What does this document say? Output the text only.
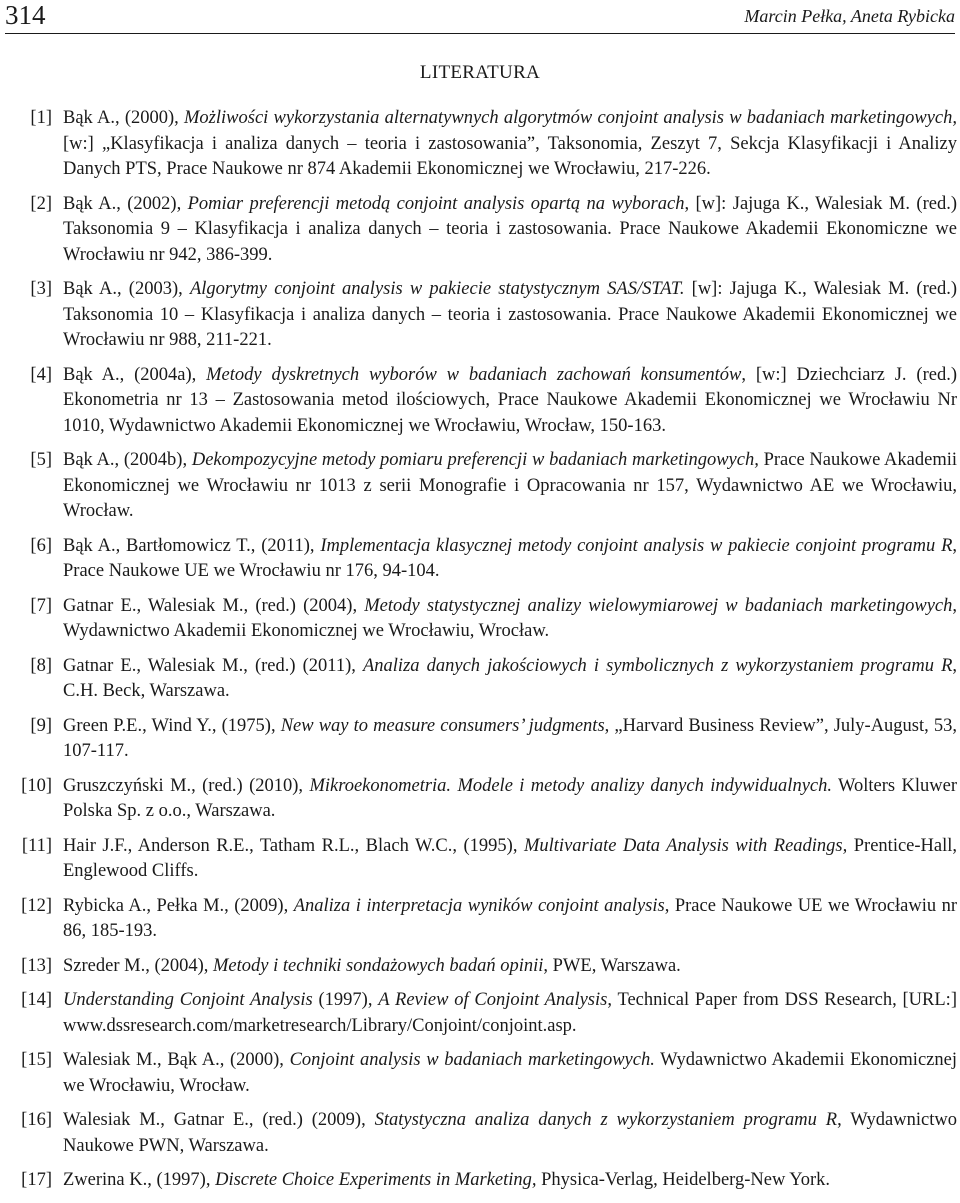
314	Marcin Pełka, Aneta Rybicka
LITERATURA
[1] Bąk A., (2000), Możliwości wykorzystania alternatywnych algorytmów conjoint analysis w badaniach marketingowych, [w:] „Klasyfikacja i analiza danych – teoria i zastosowania”, Taksonomia, Zeszyt 7, Sekcja Klasyfikacji i Analizy Danych PTS, Prace Naukowe nr 874 Akademii Ekonomicznej we Wrocławiu, 217-226.
[2] Bąk A., (2002), Pomiar preferencji metodą conjoint analysis opartą na wyborach, [w]: Jajuga K., Walesiak M. (red.) Taksonomia 9 – Klasyfikacja i analiza danych – teoria i zastosowania. Prace Naukowe Akademii Ekonomiczne we Wrocławiu nr 942, 386-399.
[3] Bąk A., (2003), Algorytmy conjoint analysis w pakiecie statystycznym SAS/STAT. [w]: Jajuga K., Walesiak M. (red.) Taksonomia 10 – Klasyfikacja i analiza danych – teoria i zastosowania. Prace Naukowe Akademii Ekonomicznej we Wrocławiu nr 988, 211-221.
[4] Bąk A., (2004a), Metody dyskretnych wyborów w badaniach zachowań konsumentów, [w:] Dziechciarz J. (red.) Ekonometria nr 13 – Zastosowania metod ilościowych, Prace Naukowe Akademii Ekonomicznej we Wrocławiu Nr 1010, Wydawnictwo Akademii Ekonomicznej we Wrocławiu, Wrocław, 150-163.
[5] Bąk A., (2004b), Dekompozycyjne metody pomiaru preferencji w badaniach marketingowych, Prace Naukowe Akademii Ekonomicznej we Wrocławiu nr 1013 z serii Monografie i Opracowania nr 157, Wydawnictwo AE we Wrocławiu, Wrocław.
[6] Bąk A., Bartłomowicz T., (2011), Implementacja klasycznej metody conjoint analysis w pakiecie conjoint programu R, Prace Naukowe UE we Wrocławiu nr 176, 94-104.
[7] Gatnar E., Walesiak M., (red.) (2004), Metody statystycznej analizy wielowymiarowej w badaniach marketingowych, Wydawnictwo Akademii Ekonomicznej we Wrocławiu, Wrocław.
[8] Gatnar E., Walesiak M., (red.) (2011), Analiza danych jakościowych i symbolicznych z wykorzystaniem programu R, C.H. Beck, Warszawa.
[9] Green P.E., Wind Y., (1975), New way to measure consumers’ judgments, „Harvard Business Review”, July-August, 53, 107-117.
[10] Gruszczyński M., (red.) (2010), Mikroekonometria. Modele i metody analizy danych indywidualnych. Wolters Kluwer Polska Sp. z o.o., Warszawa.
[11] Hair J.F., Anderson R.E., Tatham R.L., Blach W.C., (1995), Multivariate Data Analysis with Readings, Prentice-Hall, Englewood Cliffs.
[12] Rybicka A., Pełka M., (2009), Analiza i interpretacja wyników conjoint analysis, Prace Naukowe UE we Wrocławiu nr 86, 185-193.
[13] Szreder M., (2004), Metody i techniki sondażowych badań opinii, PWE, Warszawa.
[14] Understanding Conjoint Analysis (1997), A Review of Conjoint Analysis, Technical Paper from DSS Research, [URL:] www.dssresearch.com/marketresearch/Library/Conjoint/conjoint.asp.
[15] Walesiak M., Bąk A., (2000), Conjoint analysis w badaniach marketingowych. Wydawnictwo Akademii Ekonomicznej we Wrocławiu, Wrocław.
[16] Walesiak M., Gatnar E., (red.) (2009), Statystyczna analiza danych z wykorzystaniem programu R, Wydawnictwo Naukowe PWN, Warszawa.
[17] Zwerina K., (1997), Discrete Choice Experiments in Marketing, Physica-Verlag, Heidelberg-New York.
